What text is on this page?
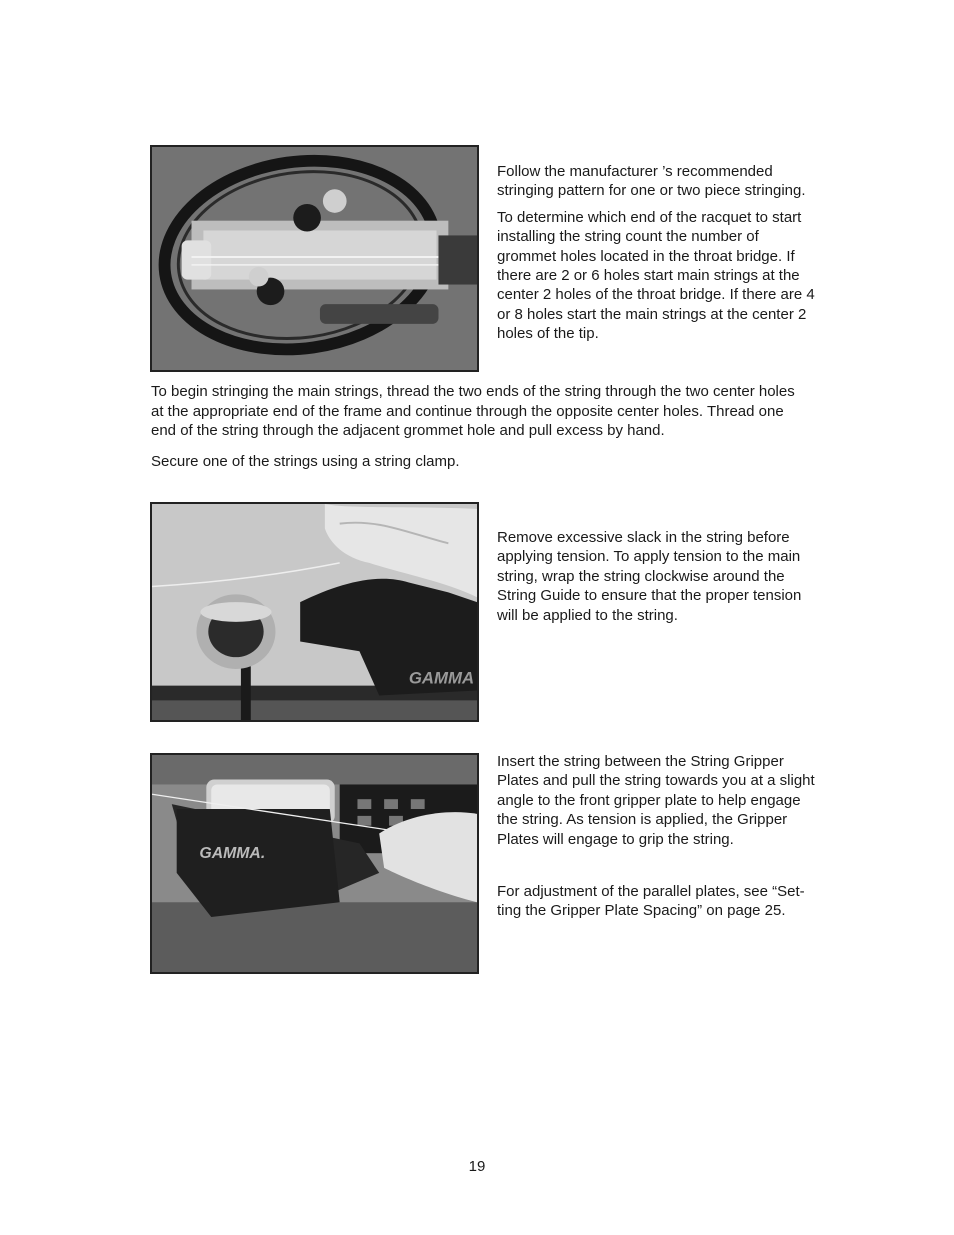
Follow the manufacturer ’s recommended stringing pattern for one or two piece stringing.

To determine which end of the racquet to start installing the string count the number of grommet holes located in the throat bridge. If there are 2 or 6 holes start main strings at the center 2 holes of the throat bridge. If there are 4 or 8 holes start the main strings at the center 2 holes of the tip.

To begin stringing the main strings, thread the two ends of the string through the two center holes at the appropriate end of the frame and continue through the opposite center holes. Thread one end of the string through the adjacent grommet hole and pull excess by hand.

Secure one of the strings using a string clamp.

GAMMA

Remove excessive slack in the string before applying tension. To apply tension to the main string, wrap the string clockwise around the String Guide to ensure that the proper tension will be applied to the string.

GAMMA.

Insert the string between the String Gripper Plates and pull the string towards you at a slight angle to the front gripper plate to help engage the string. As tension is applied, the Gripper Plates will engage to grip the string.

For adjustment of the parallel plates, see “Set- ting the Gripper Plate Spacing” on page 25.

19
